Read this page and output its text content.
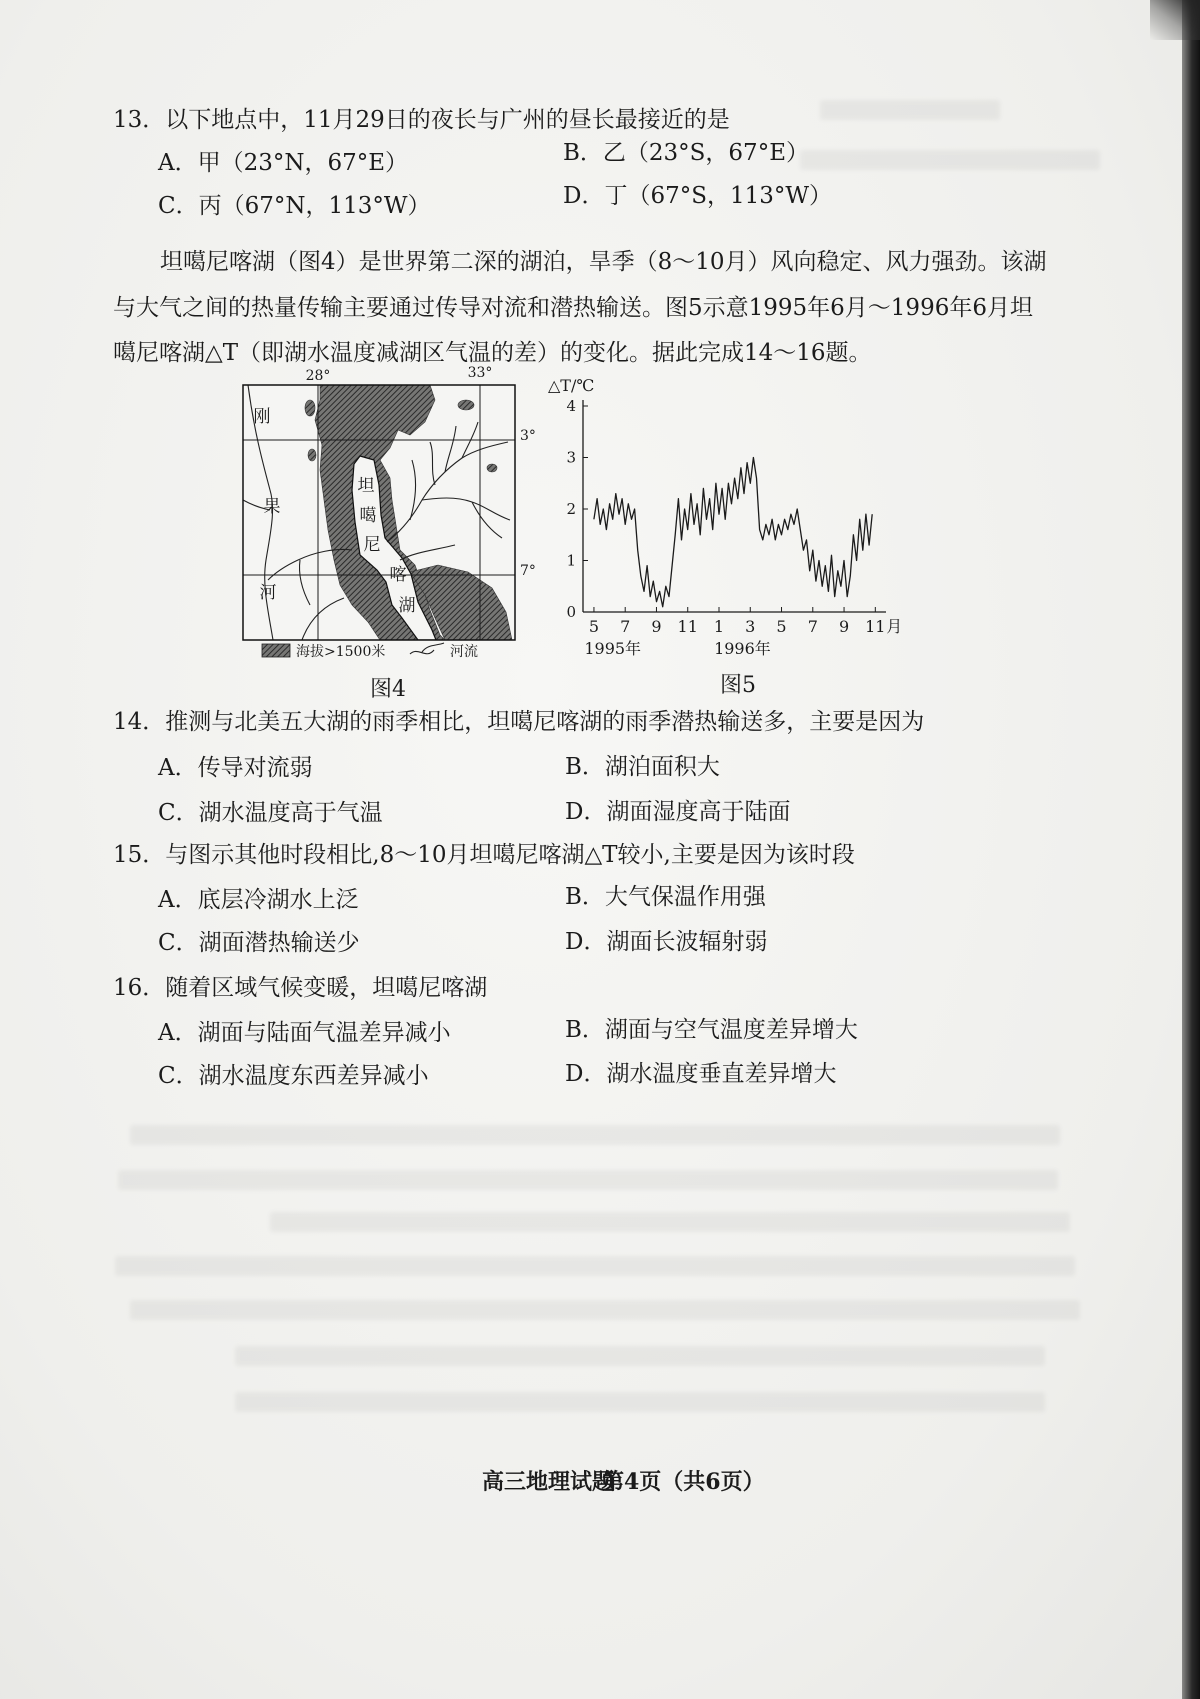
13．以下地点中，11月29日的夜长与广州的昼长最接近的是
A．甲（23°N，67°E）	B．乙（23°S，67°E）
C．丙（67°N，113°W）	D．丁（67°S，113°W）
坦噶尼喀湖（图4）是世界第二深的湖泊，旱季（8～10月）风向稳定、风力强劲。该湖
与大气之间的热量传输主要通过传导对流和潜热输送。图5示意1995年6月～1996年6月坦
噶尼喀湖△T（即湖水温度减湖区气温的差）的变化。据此完成14～16题。
28°	33°
3°
7°
刚
果
河
坦
噶
尼
喀
湖
海拔>1500米	河流
图4
△T/℃
0
1
2
3
4
5 7 9 11 1 3 5 7 9 11 月
1995年	1996年
图5
14．推测与北美五大湖的雨季相比，坦噶尼喀湖的雨季潜热输送多，主要是因为
A．传导对流弱	B．湖泊面积大
C．湖水温度高于气温	D．湖面湿度高于陆面
15．与图示其他时段相比,8～10月坦噶尼喀湖△T较小,主要是因为该时段
A．底层冷湖水上泛	B．大气保温作用强
C．湖面潜热输送少	D．湖面长波辐射弱
16．随着区域气候变暖，坦噶尼喀湖
A．湖面与陆面气温差异减小	B．湖面与空气温度差异增大
C．湖水温度东西差异减小	D．湖水温度垂直差异增大
高三地理试题
第4页（共6页）
